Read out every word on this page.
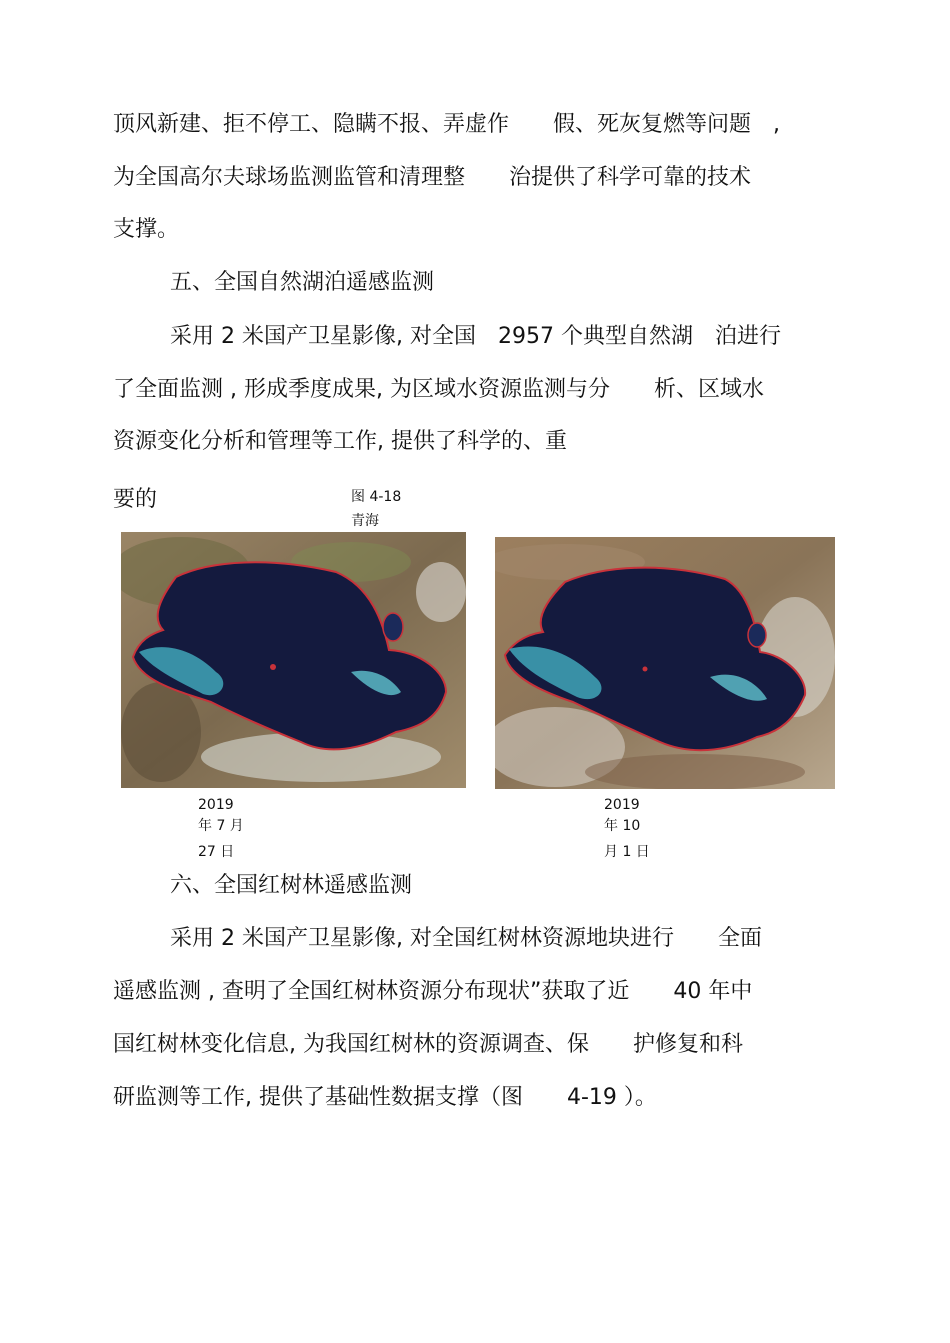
顶风新建、拒不停工、隐瞒不报、弄虚作　　假、死灰复燃等问题　,
为全国高尔夫球场监测监管和清理整　　治提供了科学可靠的技术
支撑。
五、全国自然湖泊遥感监测
采用 2 米国产卫星影像, 对全国　2957 个典型自然湖　泊进行
了全面监测 , 形成季度成果, 为区域水资源监测与分　　析、区域水
资源变化分析和管理等工作, 提供了科学的、重
要的	图 4-18
青海
2019
年 7 月
27 日
2019
年 10
月 1 日
六、全国红树林遥感监测
采用 2 米国产卫星影像, 对全国红树林资源地块进行　　全面
遥感监测 , 查明了全国红树林资源分布现状”获取了近　　40 年中
国红树林变化信息, 为我国红树林的资源调查、保　　护修复和科
研监测等工作, 提供了基础性数据支撑（图　　4-19 ）。
